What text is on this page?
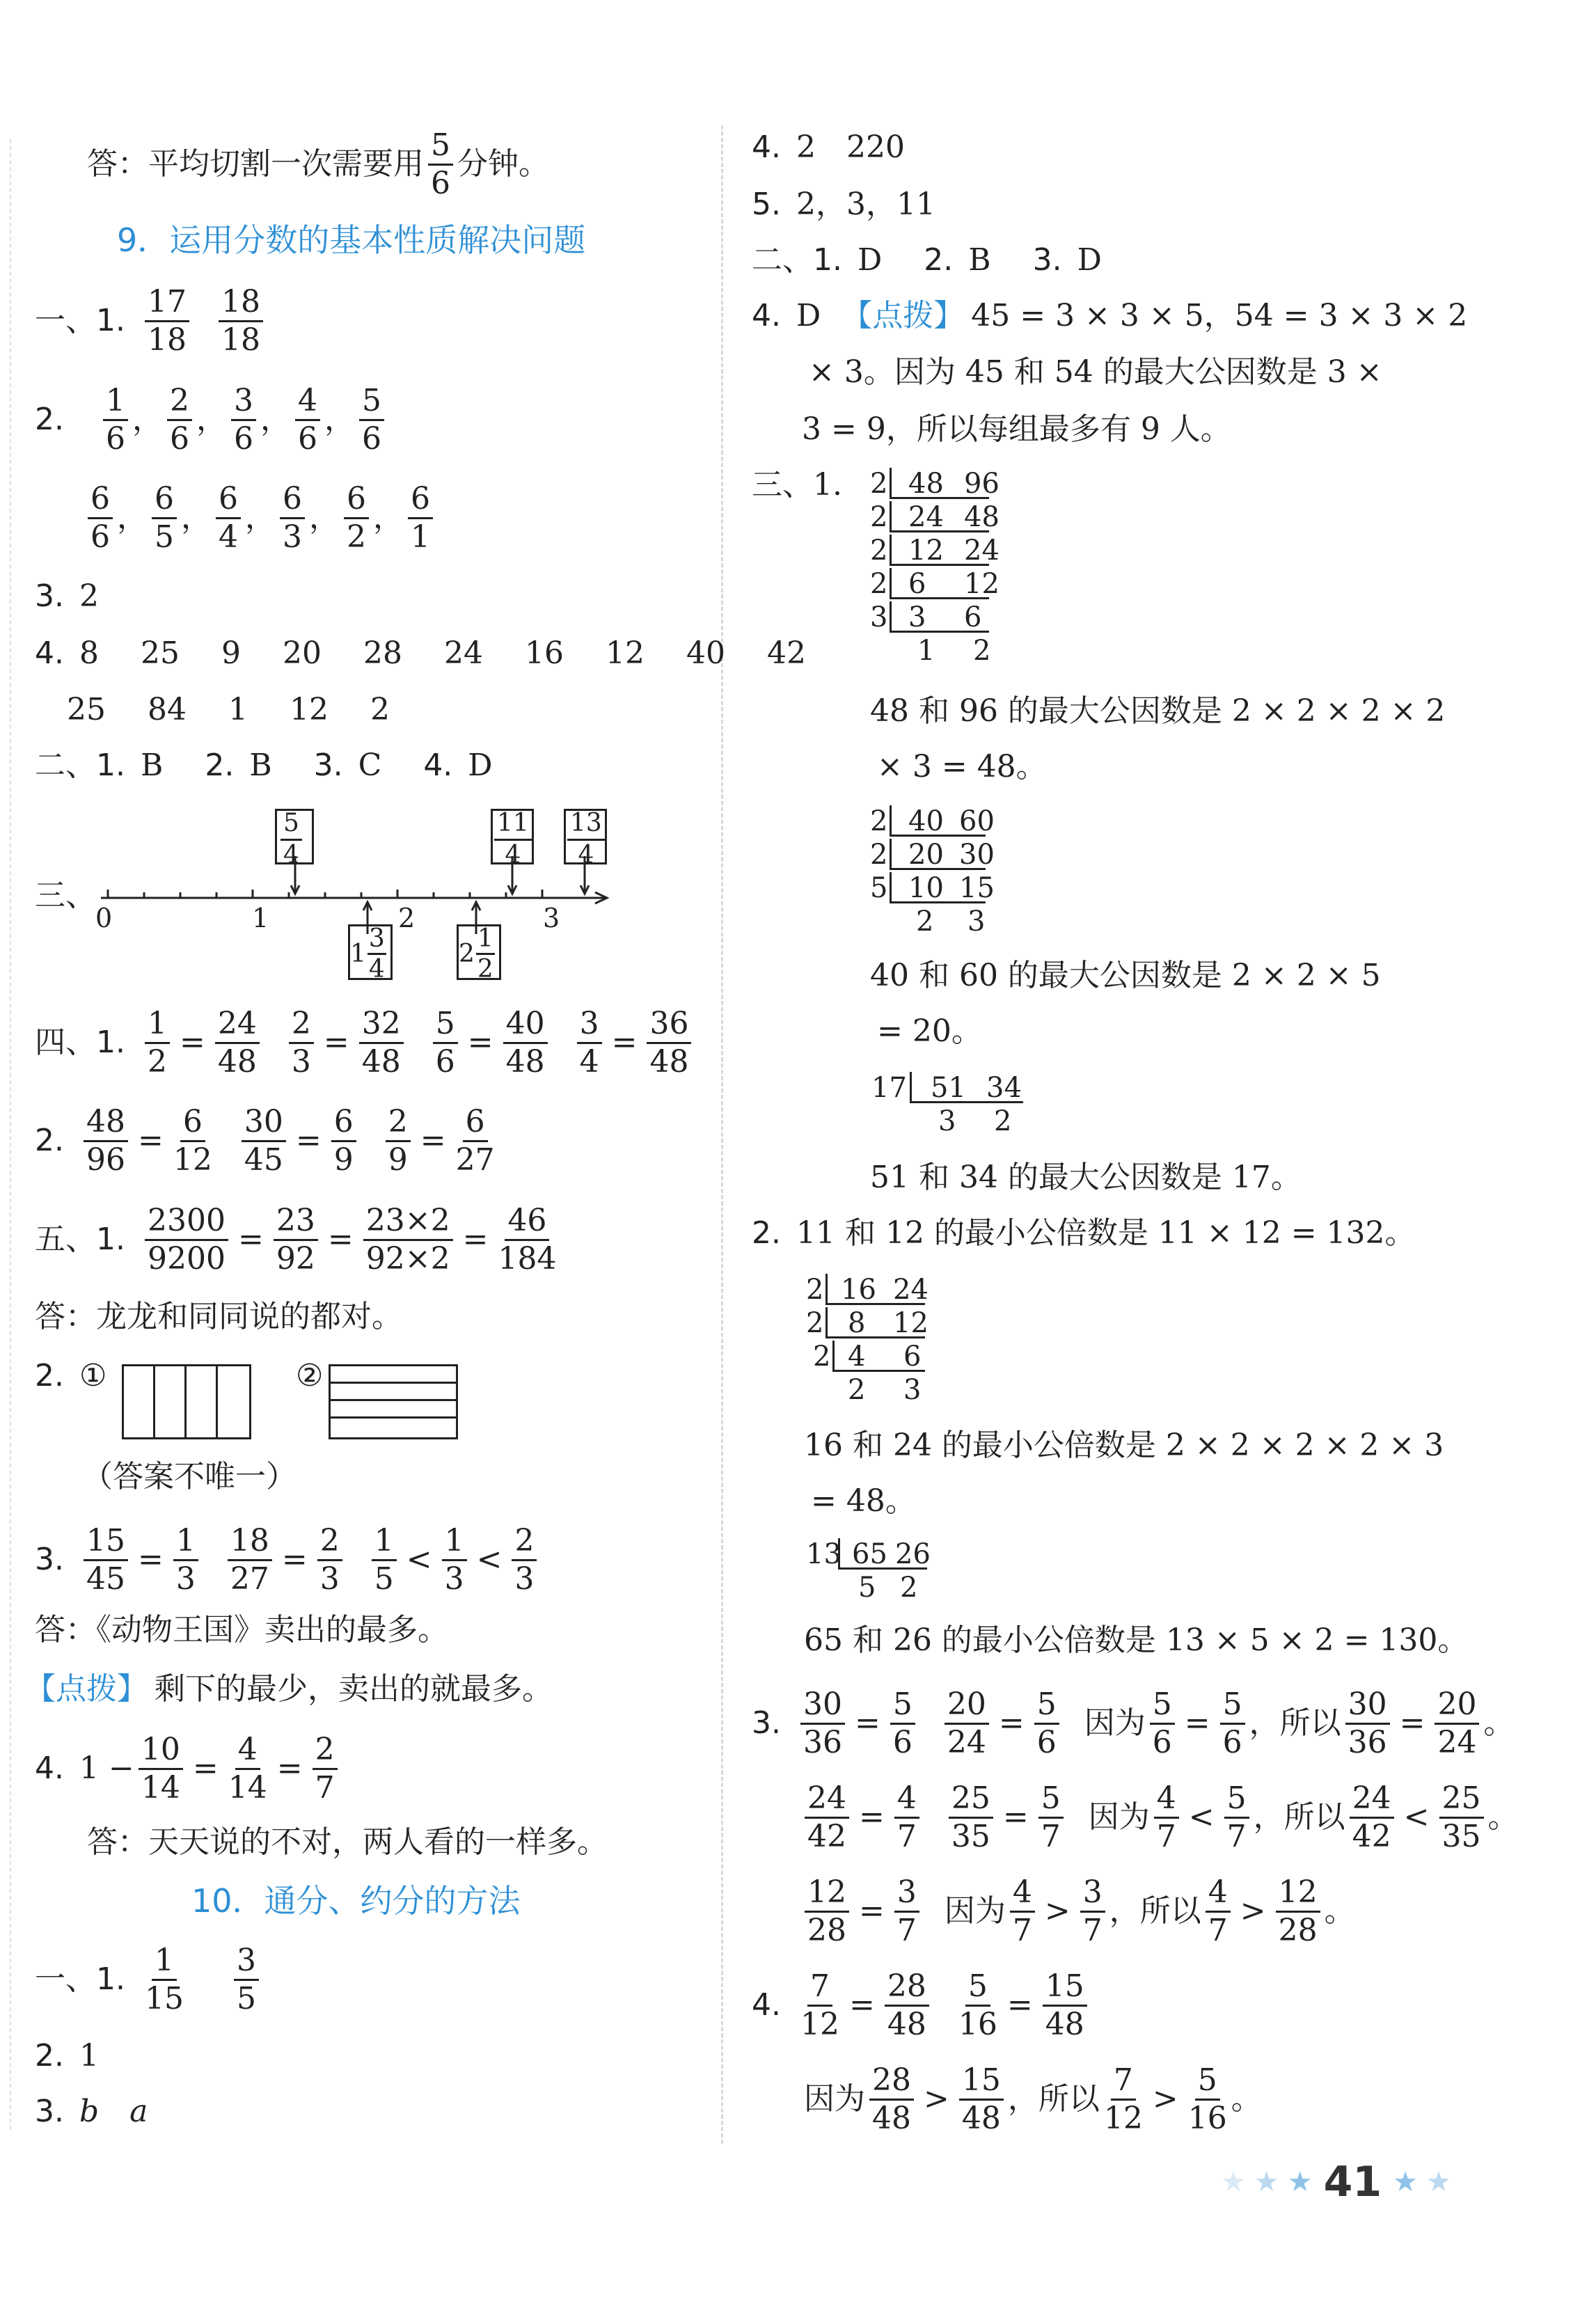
答：平均切割一次需要用 $\frac{5}{6}$ 分钟。
9．运用分数的基本性质解决问题
一、1. $\frac{17}{18} \frac{18}{18}$
2.	$\frac{1}{6}$ ， $\frac{2}{6}$ ， $\frac{3}{6}$ ， $\frac{4}{6}$ ， $\frac{5}{6}$
$\frac{6}{6}$ ， $\frac{6}{5}$ ， $\frac{6}{4}$ ， $\frac{6}{3}$ ， $\frac{6}{2}$ ， $\frac{6}{1}$
3. 2
4. 8 25 9 20 28 24 16 12 40 42
25 84 1 12 2
二、1. B 2. B 3. C 4. D
三、
$\frac{5}{4}$	$\frac{11}{4} \frac{13}{4}$
0	1	2	3
$1 \frac{3}{4}$	$2 \frac{1}{2}$
四、1. $\frac{1}{2} = \frac{24}{48} \frac{2}{3} = \frac{32}{48} \frac{5}{6} = \frac{40}{48} \frac{3}{4} = \frac{36}{48}$
2. $\frac{48}{96} = \frac{6}{12} \frac{30}{45} = \frac{6}{9} \frac{2}{9} = \frac{6}{27}$
五、1. $\frac{2300}{9200} = \frac{23}{92} = \frac{23\times 2}{92\times 2} = \frac{46}{184}$
答：龙龙和同同说的都对。
2. ①	②
（答案不唯一）
3. $\frac{15}{45} = \frac{1}{3} \frac{18}{27} = \frac{2}{3} \frac{1}{5} < \frac{1}{3} < \frac{2}{3}$
答：《动物王国》卖出的最多。
【点拨】 剩下的最少，卖出的就最多。
4. $1 - \frac{10}{14} = \frac{4}{14} = \frac{2}{7}$
答：天天说的不对，两人看的一样多。
10．通分、约分的方法
一、1. $\frac{1}{15} \frac{3}{5}$
2. 1
3. b　a
4. 2　220
5. 2，3，11
二、1. D 2. B 3. D
4. D 【点拨】 45 = 3 × 3 × 5，54 = 3 × 3 × 2
× 3。因为 45 和 54 的最大公因数是 3 ×
3 = 9，所以每组最多有 9 人。
三、1. 2 48 96
2 24 48
2 12 24
2 6 12
3 3 6
1 2
48 和 96 的最大公因数是 2 × 2 × 2 × 2
× 3 = 48。
2 40 60
2 20 30
5 10 15
2 3
40 和 60 的最大公因数是 2 × 2 × 5
= 20。
17 51 34
3 2
51 和 34 的最大公因数是 17。
2. 11 和 12 的最小公倍数是 11 × 12 = 132。
2 16 24
2 8 12
2 4 6
2 3
16 和 24 的最小公倍数是 2 × 2 × 2 × 2 × 3
= 48。
13 65 26
5 2
65 和 26 的最小公倍数是 13 × 5 × 2 = 130。
3. $\frac{30}{36} = \frac{5}{6} \frac{20}{24} = \frac{5}{6}$ 因为 $\frac{5}{6} = \frac{5}{6}$ ，所以 $\frac{30}{36} = \frac{20}{24}$ 。
$\frac{24}{42} = \frac{4}{7} \frac{25}{35} = \frac{5}{7}$ 因为 $\frac{4}{7} < \frac{5}{7}$ ，所以 $\frac{24}{42} < \frac{25}{35}$ 。
$\frac{12}{28} = \frac{3}{7}$ 因为 $\frac{4}{7} > \frac{3}{7}$ ，所以 $\frac{4}{7} > \frac{12}{28}$ 。
4. $\frac{7}{12} = \frac{28}{48} \frac{5}{16} = \frac{15}{48}$
因为 $\frac{28}{48} > \frac{15}{48}$ ，所以 $\frac{7}{12} > \frac{5}{16}$ 。
★ ★ ★ 41 ★ ★
